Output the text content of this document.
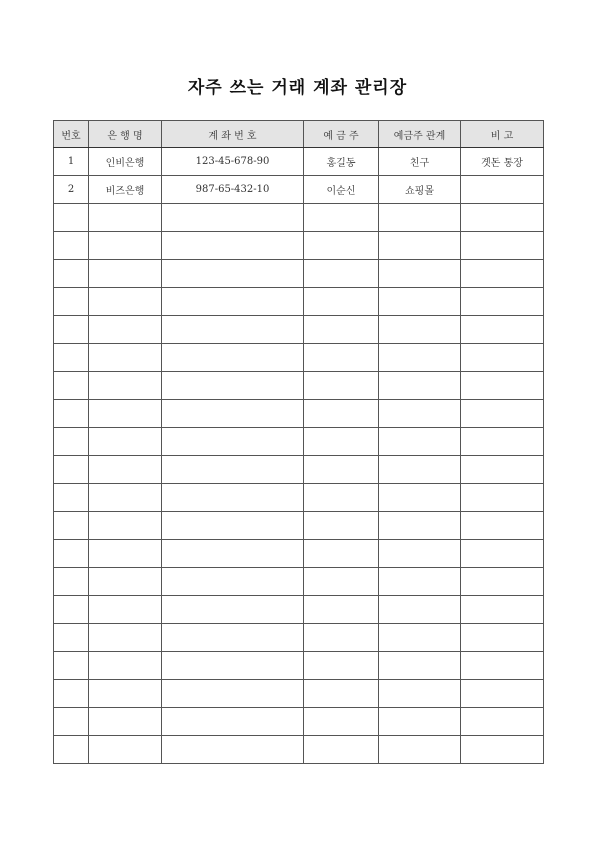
자주 쓰는 거래 계좌 관리장
번호	은 행 명	계 좌 번 호	예 금 주	예금주 관계	비 고
1	인비은행	123-45-678-90	홍길동	친구	곗돈 통장
2	비즈은행	987-65-432-10	이순신	쇼핑몰	
